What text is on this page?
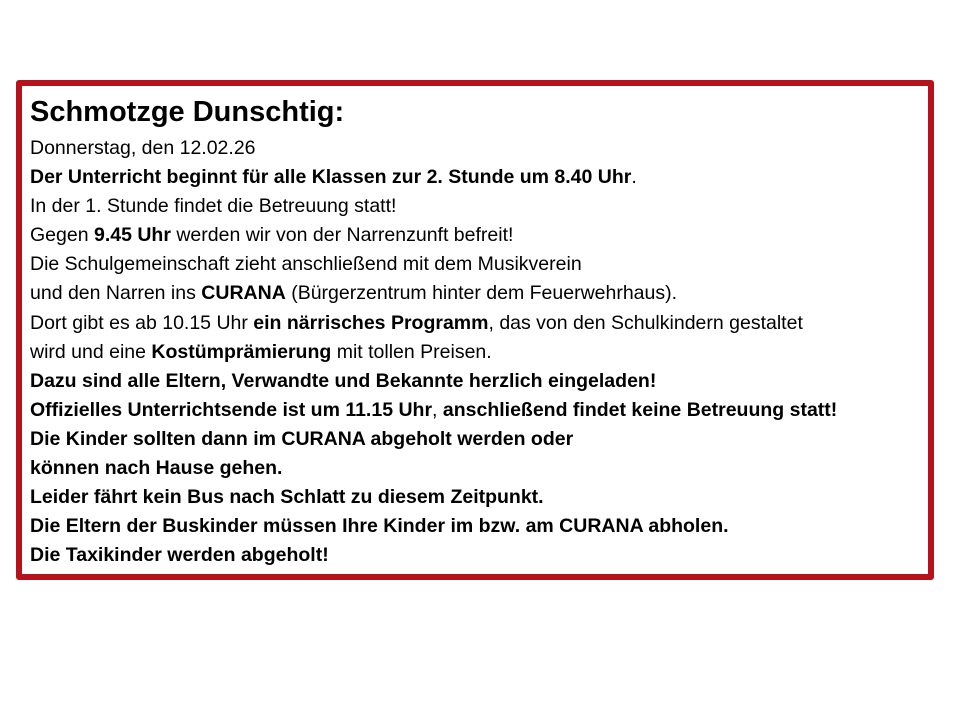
Schmotzge Dunschtig:
Donnerstag, den 12.02.26
Der Unterricht beginnt für alle Klassen zur 2. Stunde um 8.40 Uhr.
In der 1. Stunde findet die Betreuung statt!
Gegen 9.45 Uhr werden wir von der Narrenzunft befreit!
Die Schulgemeinschaft zieht anschließend mit dem Musikverein
und den Narren ins CURANA (Bürgerzentrum hinter dem Feuerwehrhaus).
Dort gibt es ab 10.15 Uhr ein närrisches Programm, das von den Schulkindern gestaltet
wird und eine Kostümprämierung mit tollen Preisen.
Dazu sind alle Eltern, Verwandte und Bekannte herzlich eingeladen!
Offizielles Unterrichtsende ist um 11.15 Uhr, anschließend findet keine Betreuung statt!
Die Kinder sollten dann im CURANA abgeholt werden oder
können nach Hause gehen.
Leider fährt kein Bus nach Schlatt zu diesem Zeitpunkt.
Die Eltern der Buskinder müssen Ihre Kinder im bzw. am CURANA abholen.
Die Taxikinder werden abgeholt!
